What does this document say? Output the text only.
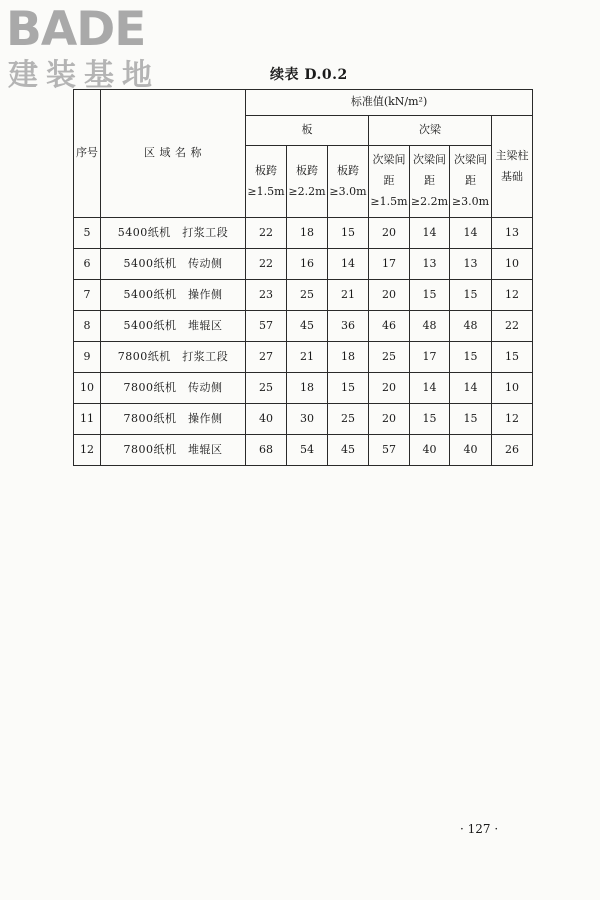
BADE
建装基地	续表 D.0.2
序号	区 域 名 称	标准值(kN/m²)						
		板			次梁			主梁柱基础
		板跨≥1.5m	板跨≥2.2m	板跨≥3.0m	次梁间距≥1.5m	次梁间距≥2.2m	次梁间距≥3.0m	
5	5400纸机　打浆工段	22	18	15	20	14	14	13
6	5400纸机　传动侧	22	16	14	17	13	13	10
7	5400纸机　操作侧	23	25	21	20	15	15	12
8	5400纸机　堆辊区	57	45	36	46	48	48	22
9	7800纸机　打浆工段	27	21	18	25	17	15	15
10	7800纸机　传动侧	25	18	15	20	14	14	10
11	7800纸机　操作侧	40	30	25	20	15	15	12
12	7800纸机　堆辊区	68	54	45	57	40	40	26
· 127 ·
